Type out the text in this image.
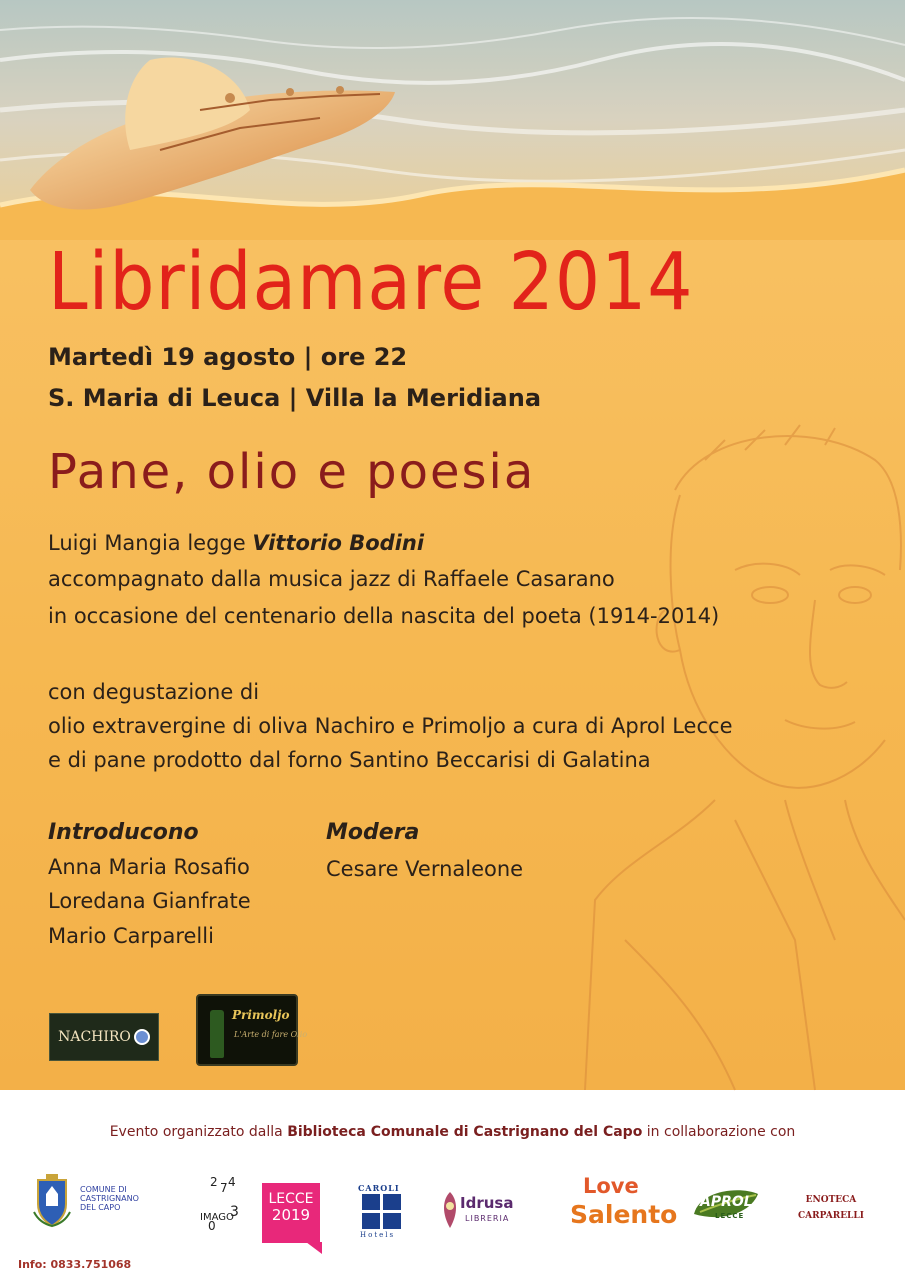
Libridamare 2014
Martedì 19 agosto | ore 22
S. Maria di Leuca | Villa la Meridiana
Pane, olio e poesia
Luigi Mangia legge Vittorio Bodini
accompagnato dalla musica jazz di Raffaele Casarano
in occasione del centenario della nascita del poeta (1914-2014)
con degustazione di
olio extravergine di oliva Nachiro e Primoljo a cura di Aprol Lecce
e di pane prodotto dal forno Santino Beccarisi di Galatina
Introducono
Anna Maria Rosafio
Loredana Gianfrate
Mario Carparelli
Modera
Cesare Vernaleone
NACHIRO
Primoljo
L'Arte di fare Olio
Evento organizzato dalla Biblioteca Comunale di Castrignano del Capo in collaborazione con
COMUNE DI
CASTRIGNANO
DEL CAPO
2 7 4
3
0
IMAGO
LECCE
2019
CAROLI
Hotels
Idrusa
LIBRERIA
Love
Salento APROL
LECCE
ENOTECA
CARPARELLI
Info: 0833.751068
